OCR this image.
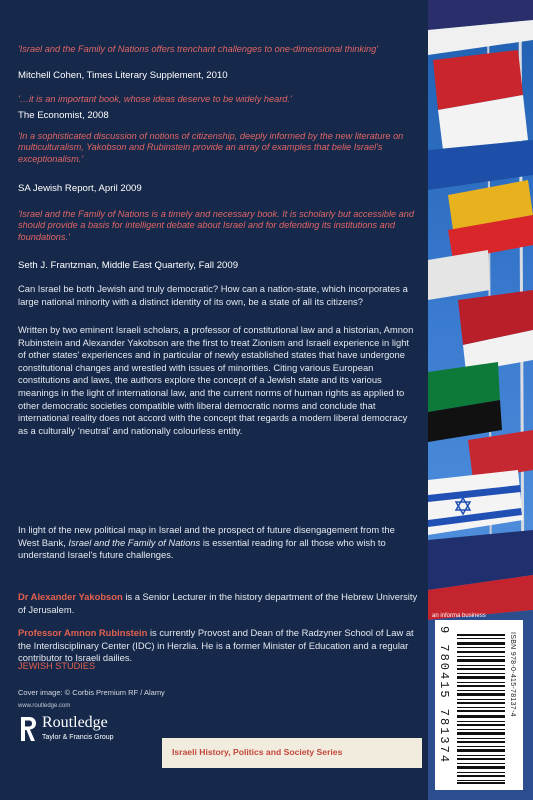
'Israel and the Family of Nations offers trenchant challenges to one-dimensional thinking'

Mitchell Cohen, Times Literary Supplement, 2010

'…it is an important book, whose ideas deserve to be widely heard.'

The Economist, 2008

'In a sophisticated discussion of notions of citizenship, deeply informed by the new literature on multiculturalism, Yakobson and Rubinstein provide an array of examples that belie Israel's exceptionalism.'

SA Jewish Report, April 2009

'Israel and the Family of Nations is a timely and necessary book. It is scholarly but accessible and should provide a basis for intelligent debate about Israel and for defending its institutions and foundations.'

Seth J. Frantzman, Middle East Quarterly, Fall 2009

Can Israel be both Jewish and truly democratic? How can a nation-state, which incorporates a large national minority with a distinct identity of its own, be a state of all its citizens?

Written by two eminent Israeli scholars, a professor of constitutional law and a historian, Amnon Rubinstein and Alexander Yakobson are the first to treat Zionism and Israeli experience in light of other states' experiences and in particular of newly established states that have undergone constitutional changes and wrestled with issues of minorities. Citing various European constitutions and laws, the authors explore the concept of a Jewish state and its various meanings in the light of international law, and the current norms of human rights as applied to other democratic societies compatible with liberal democratic norms and conclude that international reality does not accord with the concept that regards a modern liberal democracy as a culturally 'neutral' and nationally colourless entity.

In light of the new political map in Israel and the prospect of future disengagement from the West Bank, Israel and the Family of Nations is essential reading for all those who wish to understand Israel's future challenges.

Dr Alexander Yakobson is a Senior Lecturer in the history department of the Hebrew University of Jerusalem.

Professor Amnon Rubinstein is currently Provost and Dean of the Radzyner School of Law at the Interdisciplinary Center (IDC) in Herzlia. He is a former Minister of Education and a regular contributor to Israeli dailies.

JEWISH STUDIES
Cover image: © Corbis Premium RF / Alamy
www.routledge.com
Routledge
Taylor & Francis Group
Israeli History, Politics and Society Series
an informa business
ISBN 978-0-415-78137-4
9 780415 781374
